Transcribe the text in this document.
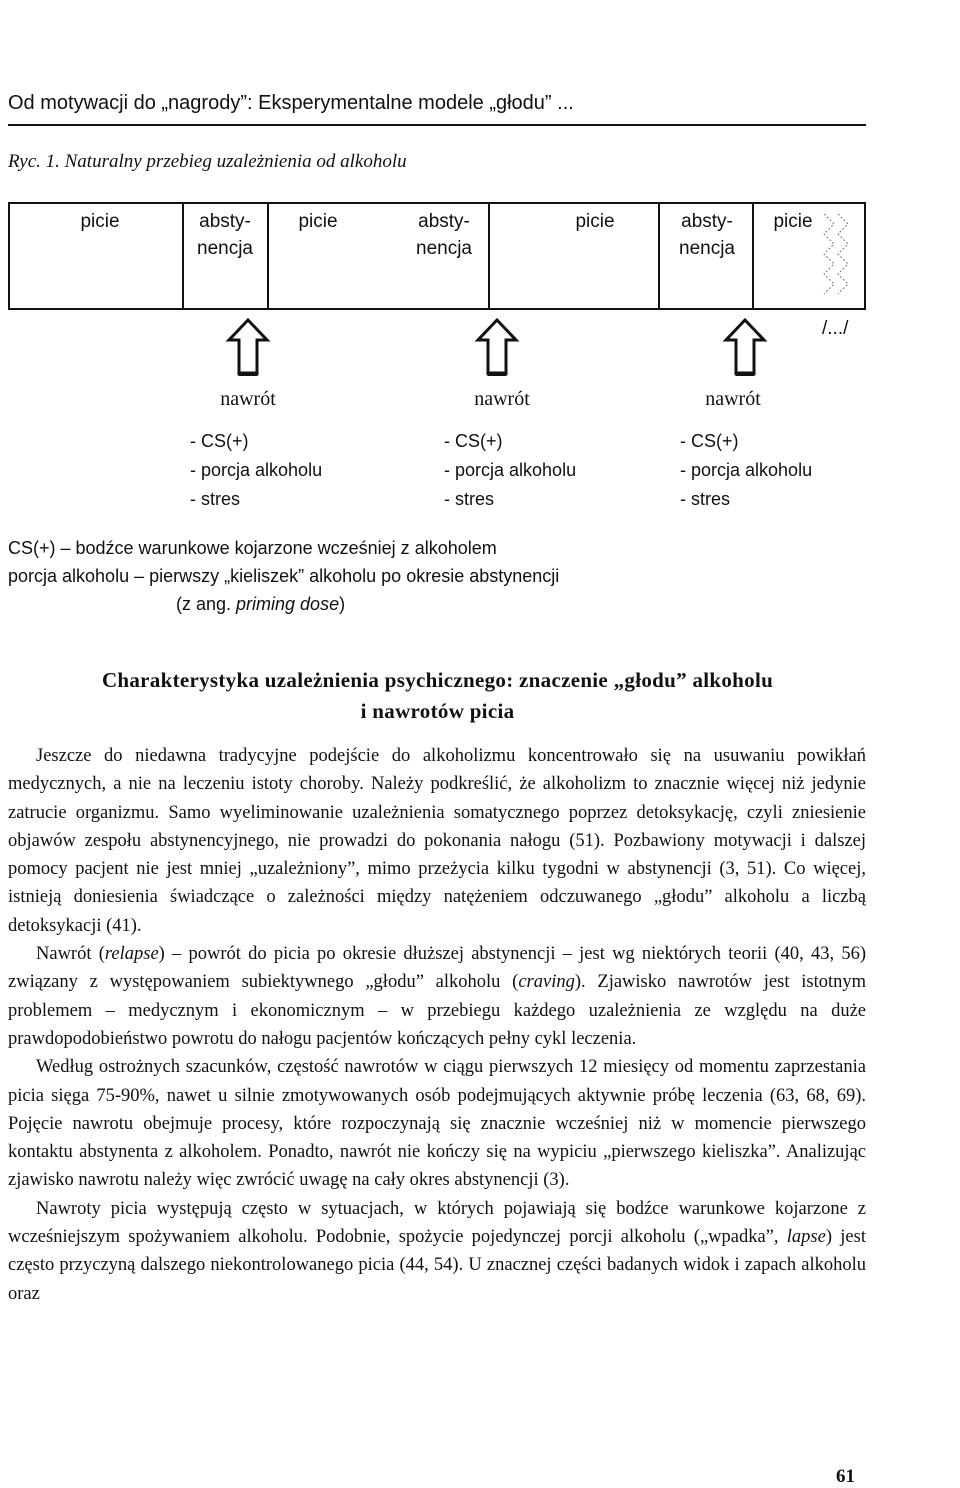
Od motywacji do „nagrody”: Eksperymentalne modele „głodu” ...
Ryc. 1. Naturalny przebieg uzależnienia od alkoholu
picie	absty-
nencja
picie	absty-
nencja
picie	absty-
nencja
picie
/.../
nawrót	nawrót	nawrót
- CS(+)
- porcja alkoholu
- stres
- CS(+)
- porcja alkoholu
- stres
- CS(+)
- porcja alkoholu
- stres
CS(+) – bodźce warunkowe kojarzone wcześniej z alkoholem
porcja alkoholu – pierwszy „kieliszek” alkoholu po okresie abstynencji
(z ang. priming dose)
Charakterystyka uzależnienia psychicznego: znaczenie „głodu” alkoholu
i nawrotów picia

Jeszcze do niedawna tradycyjne podejście do alkoholizmu koncentrowało się na usuwaniu powikłań medycznych, a nie na leczeniu istoty choroby. Należy podkreślić, że alkoholizm to znacznie więcej niż jedynie zatrucie organizmu. Samo wyeliminowanie uzależnienia somatycznego poprzez detoksykację, czyli zniesienie objawów zespołu abstynencyjnego, nie prowadzi do pokonania nałogu (51). Pozbawiony motywacji i dalszej pomocy pacjent nie jest mniej „uzależniony”, mimo przeżycia kilku tygodni w abstynencji (3, 51). Co więcej, istnieją doniesienia świadczące o zależności między natężeniem odczuwanego „głodu” alkoholu a liczbą detoksykacji (41).

Nawrót (relapse) – powrót do picia po okresie dłuższej abstynencji – jest wg niektórych teorii (40, 43, 56) związany z występowaniem subiektywnego „głodu” alkoholu (craving). Zjawisko nawrotów jest istotnym problemem – medycznym i ekonomicznym – w przebiegu każdego uzależnienia ze względu na duże prawdopodobieństwo powrotu do nałogu pacjentów kończących pełny cykl leczenia.

Według ostrożnych szacunków, częstość nawrotów w ciągu pierwszych 12 miesięcy od momentu zaprzestania picia sięga 75-90%, nawet u silnie zmotywowanych osób podejmujących aktywnie próbę leczenia (63, 68, 69). Pojęcie nawrotu obejmuje procesy, które rozpoczynają się znacznie wcześniej niż w momencie pierwszego kontaktu abstynenta z alkoholem. Ponadto, nawrót nie kończy się na wypiciu „pierwszego kieliszka”. Analizując zjawisko nawrotu należy więc zwrócić uwagę na cały okres abstynencji (3).

Nawroty picia występują często w sytuacjach, w których pojawiają się bodźce warunkowe kojarzone z wcześniejszym spożywaniem alkoholu. Podobnie, spożycie pojedynczej porcji alkoholu („wpadka”, lapse) jest często przyczyną dalszego niekontrolowanego picia (44, 54). U znacznej części badanych widok i zapach alkoholu oraz

61
